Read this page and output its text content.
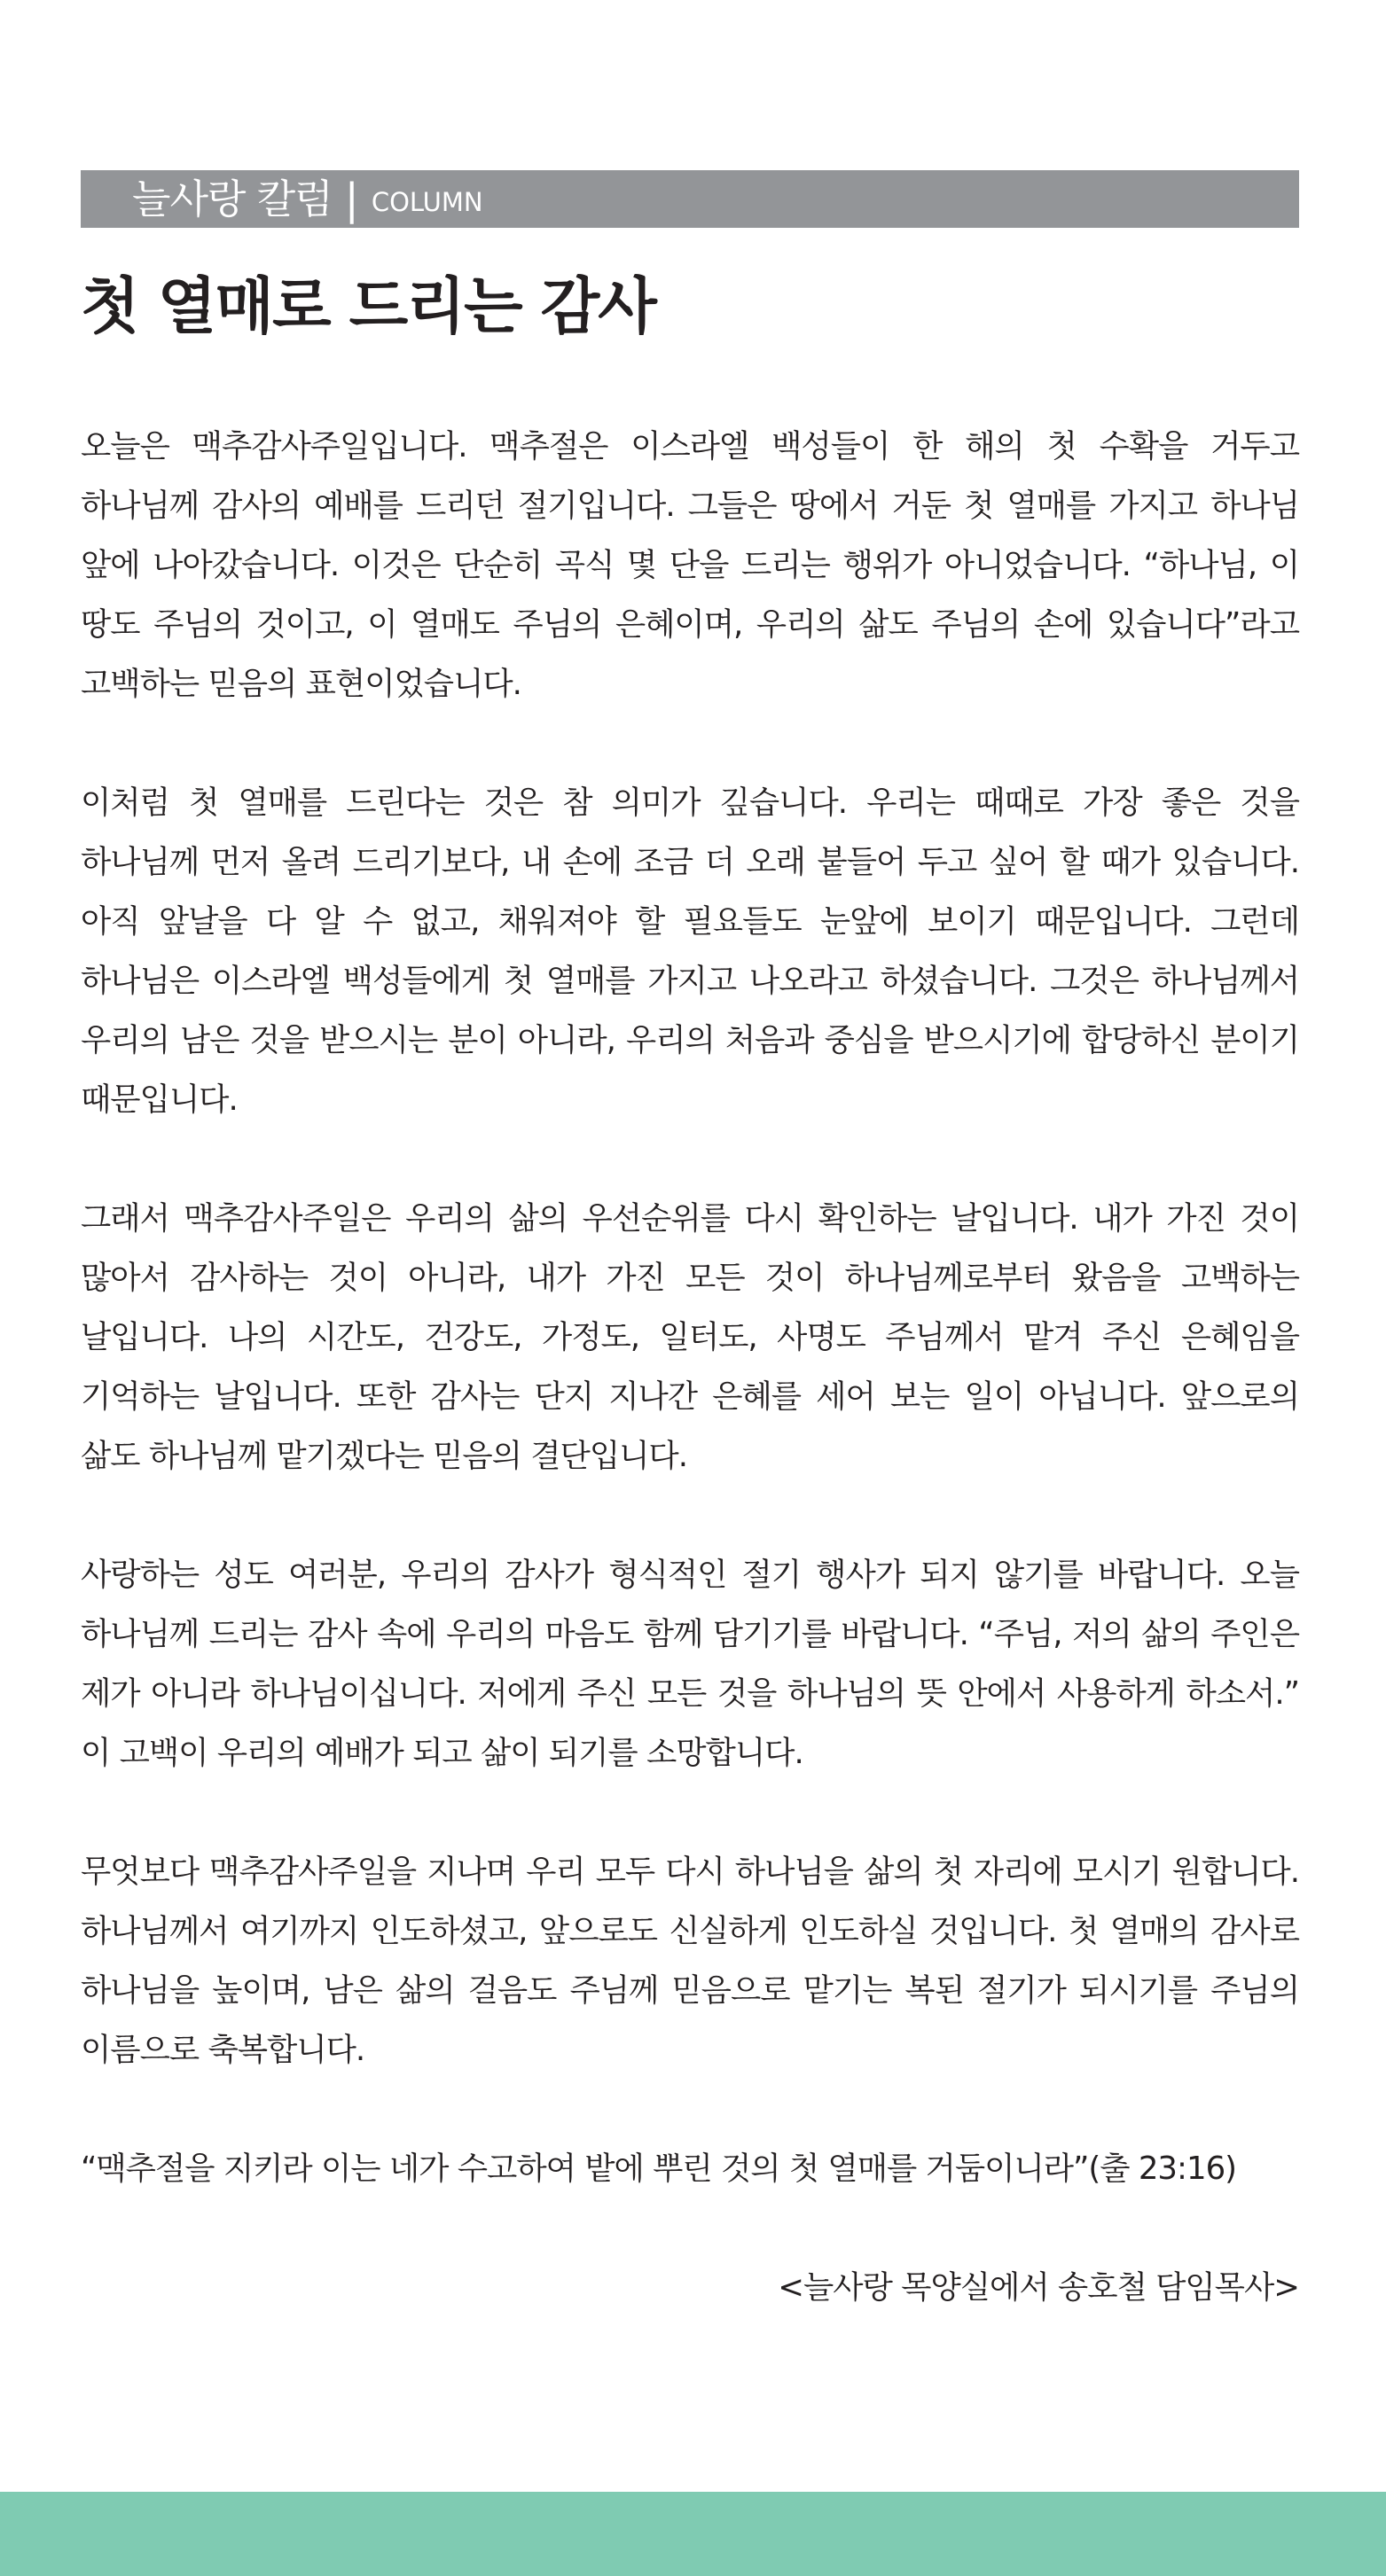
늘사랑 칼럼 | COLUMN
첫 열매로 드리는 감사

오늘은 맥추감사주일입니다. 맥추절은 이스라엘 백성들이 한 해의 첫 수확을 거두고 하나님께 감사의 예배를 드리던 절기입니다. 그들은 땅에서 거둔 첫 열매를 가지고 하나님 앞에 나아갔습니다. 이것은 단순히 곡식 몇 단을 드리는 행위가 아니었습니다. “하나님, 이 땅도 주님의 것이고, 이 열매도 주님의 은혜이며, 우리의 삶도 주님의 손에 있습니다”라고 고백하는 믿음의 표현이었습니다.

이처럼 첫 열매를 드린다는 것은 참 의미가 깊습니다. 우리는 때때로 가장 좋은 것을 하나님께 먼저 올려 드리기보다, 내 손에 조금 더 오래 붙들어 두고 싶어 할 때가 있습니다. 아직 앞날을 다 알 수 없고, 채워져야 할 필요들도 눈앞에 보이기 때문입니다. 그런데 하나님은 이스라엘 백성들에게 첫 열매를 가지고 나오라고 하셨습니다. 그것은 하나님께서 우리의 남은 것을 받으시는 분이 아니라, 우리의 처음과 중심을 받으시기에 합당하신 분이기 때문입니다.

그래서 맥추감사주일은 우리의 삶의 우선순위를 다시 확인하는 날입니다. 내가 가진 것이 많아서 감사하는 것이 아니라, 내가 가진 모든 것이 하나님께로부터 왔음을 고백하는 날입니다. 나의 시간도, 건강도, 가정도, 일터도, 사명도 주님께서 맡겨 주신 은혜임을 기억하는 날입니다. 또한 감사는 단지 지나간 은혜를 세어 보는 일이 아닙니다. 앞으로의 삶도 하나님께 맡기겠다는 믿음의 결단입니다.

사랑하는 성도 여러분, 우리의 감사가 형식적인 절기 행사가 되지 않기를 바랍니다. 오늘 하나님께 드리는 감사 속에 우리의 마음도 함께 담기기를 바랍니다. “주님, 저의 삶의 주인은 제가 아니라 하나님이십니다. 저에게 주신 모든 것을 하나님의 뜻 안에서 사용하게 하소서.” 이 고백이 우리의 예배가 되고 삶이 되기를 소망합니다.

무엇보다 맥추감사주일을 지나며 우리 모두 다시 하나님을 삶의 첫 자리에 모시기 원합니다. 하나님께서 여기까지 인도하셨고, 앞으로도 신실하게 인도하실 것입니다. 첫 열매의 감사로 하나님을 높이며, 남은 삶의 걸음도 주님께 믿음으로 맡기는 복된 절기가 되시기를 주님의 이름으로 축복합니다.

“맥추절을 지키라 이는 네가 수고하여 밭에 뿌린 것의 첫 열매를 거둠이니라”(출 23:16)

<늘사랑 목양실에서 송호철 담임목사>
